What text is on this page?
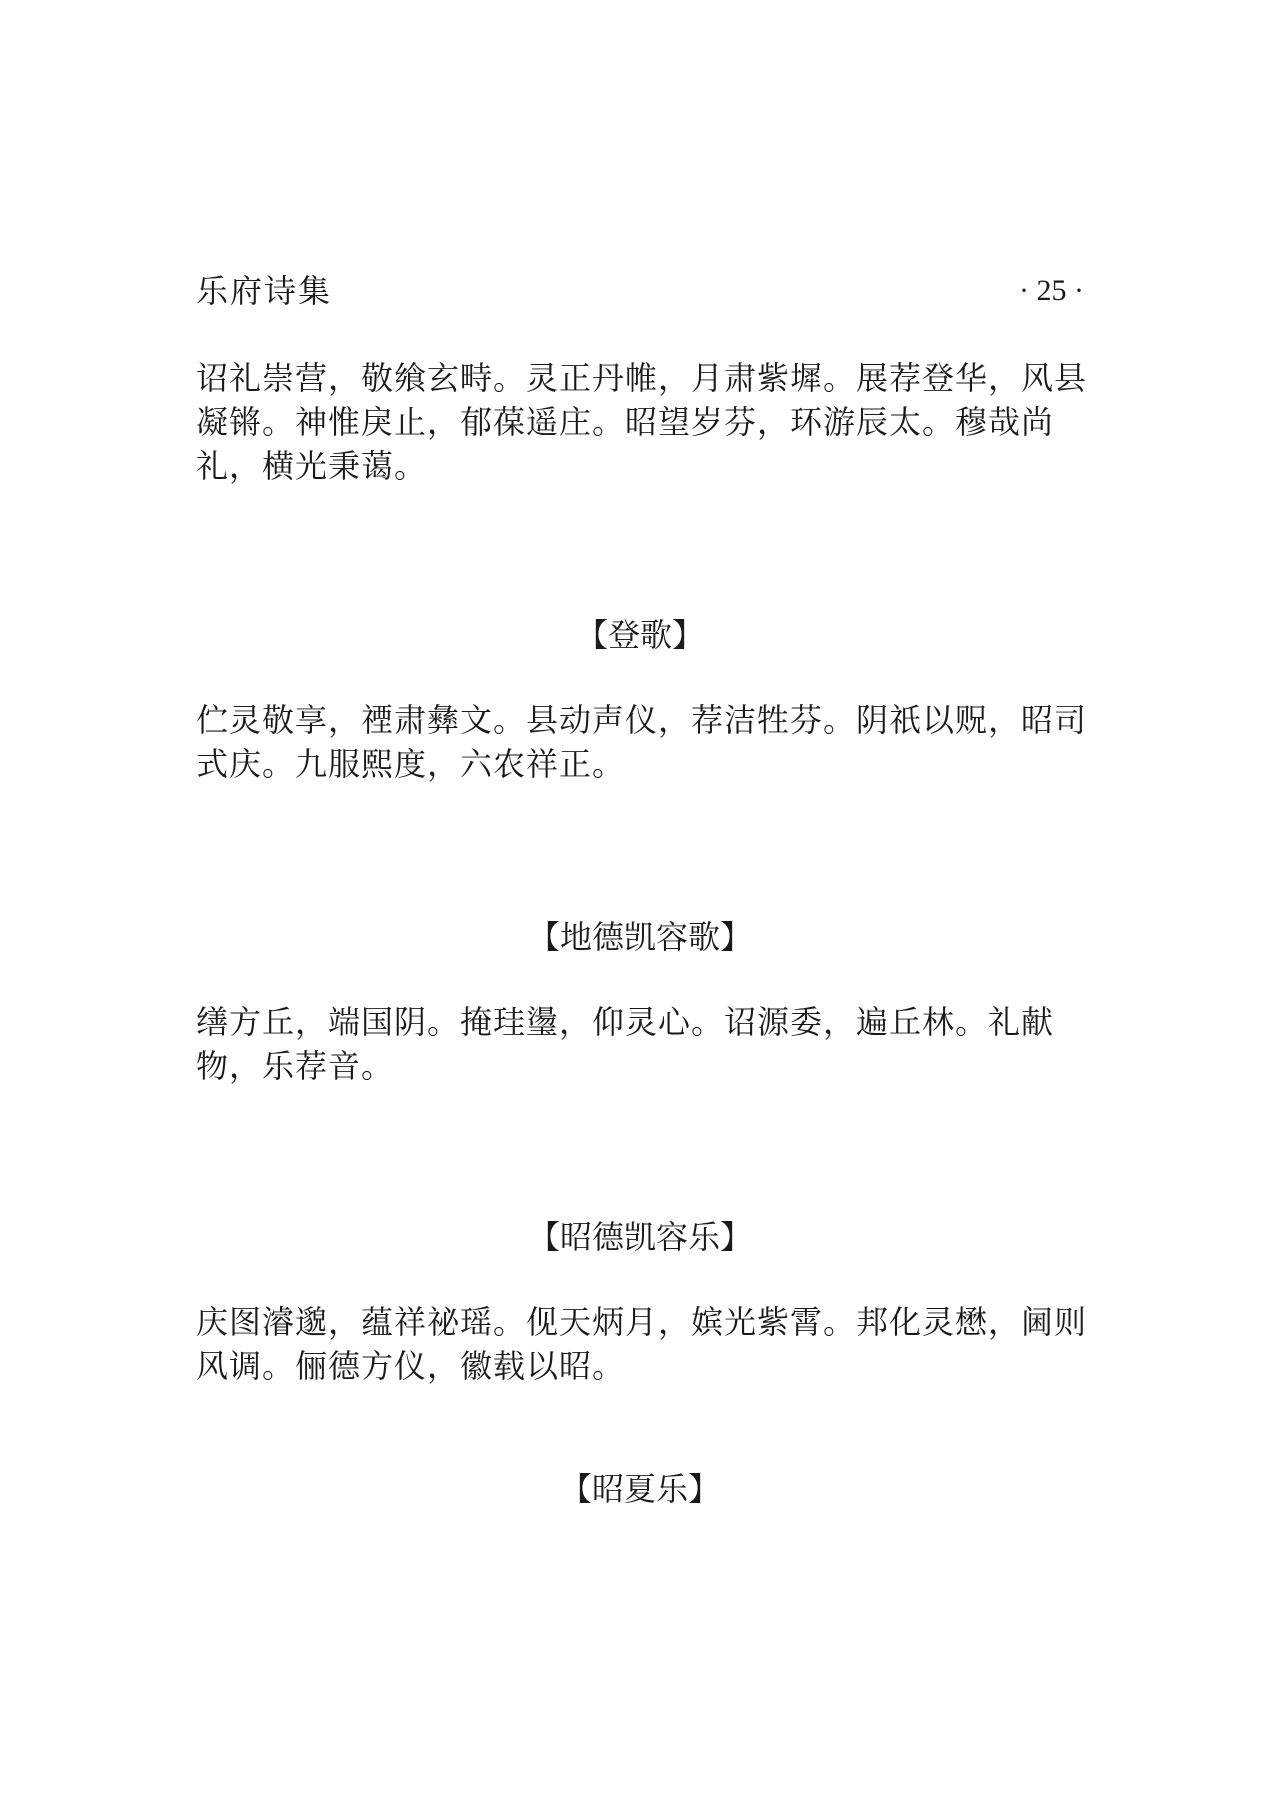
乐府诗集	· 25 ·

诏礼崇营，敬飨玄畤。灵正丹帷，月肃紫墀。展荐登华，风县凝锵。神惟戾止，郁葆遥庄。昭望岁芬，环游辰太。穆哉尚礼，横光秉蔼。

【登歌】

伫灵敬享，禋肃彝文。县动声仪，荐洁牲芬。阴祇以贶，昭司式庆。九服熙度，六农祥正。

【地德凯容歌】

缮方丘，端国阴。掩珪璗，仰灵心。诏源委，遍丘林。礼献物，乐荐音。

【昭德凯容乐】

庆图濬邈，蕴祥祕瑶。伣天炳月，嫔光紫霄。邦化灵懋，阃则风调。俪德方仪，徽载以昭。

【昭夏乐】
